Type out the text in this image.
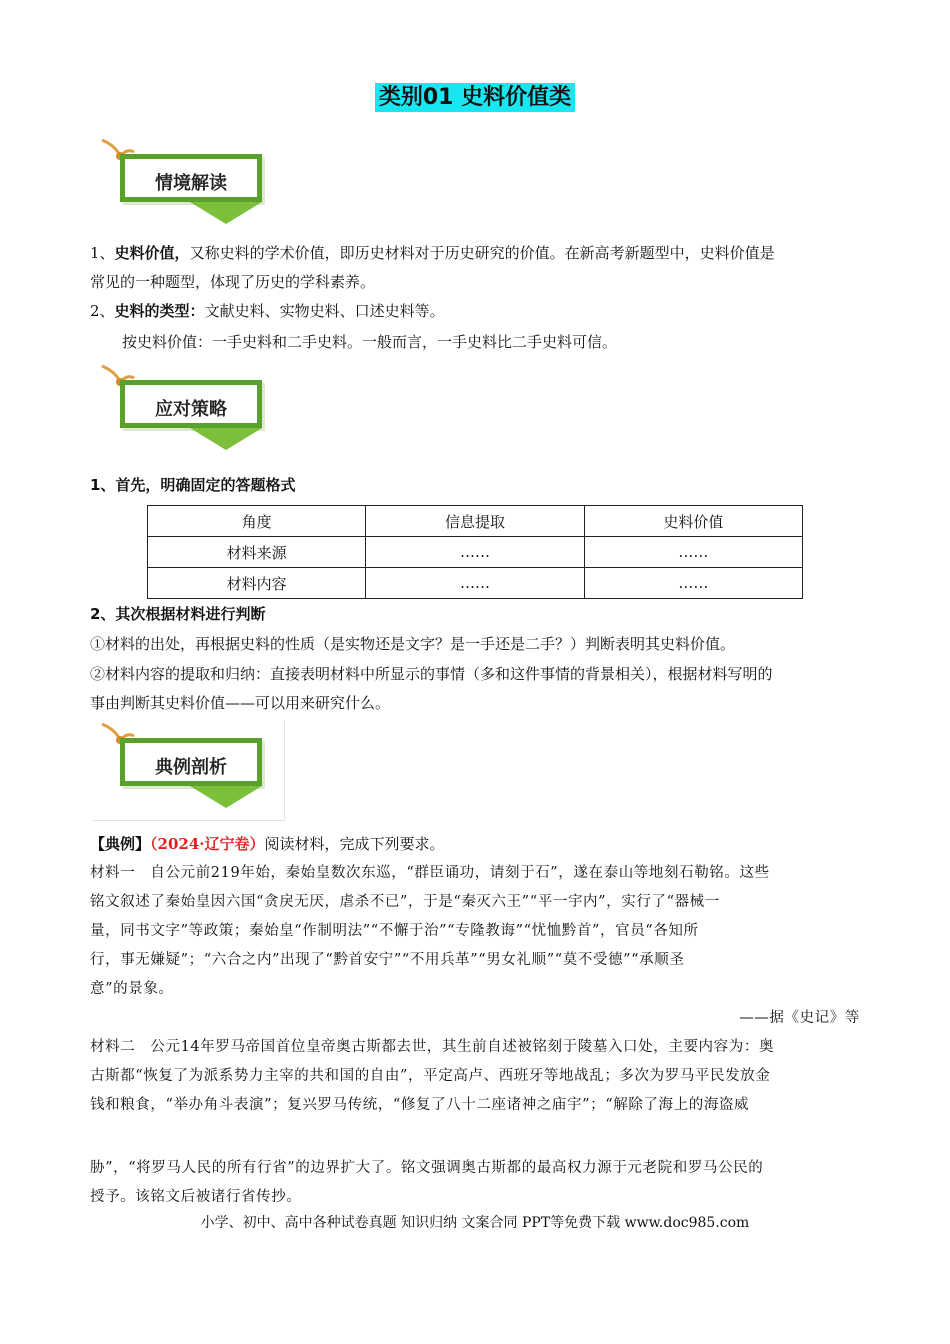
类别01 史料价值类
情境解读
1、史料价值，又称史料的学术价值，即历史材料对于历史研究的价值。在新高考新题型中，史料价值是
常见的一种题型，体现了历史的学科素养。
2、史料的类型：文献史料、实物史料、口述史料等。
按史料价值：一手史料和二手史料。一般而言，一手史料比二手史料可信。
应对策略
1、首先，明确固定的答题格式
角度	信息提取	史料价值
材料来源	……	……
材料内容	……	……
2、其次根据材料进行判断
①材料的出处，再根据史料的性质（是实物还是文字？是一手还是二手？）判断表明其史料价值。
②材料内容的提取和归纳：直接表明材料中所显示的事情（多和这件事情的背景相关），根据材料写明的
事由判断其史料价值——可以用来研究什么。
典例剖析
【典例】（2024·辽宁卷）阅读材料，完成下列要求。
材料一　自公元前219年始，秦始皇数次东巡，“群臣诵功，请刻于石”，遂在泰山等地刻石勒铭。这些
铭文叙述了秦始皇因六国“贪戾无厌，虐杀不已”，于是“秦灭六王”“平一宇内”，实行了“器械一
量，同书文字”等政策；秦始皇“作制明法”“不懈于治”“专隆教诲”“忧恤黔首”，官员“各知所
行，事无嫌疑”；“六合之内”出现了“黔首安宁”“不用兵革”“男女礼顺”“莫不受德”“承顺圣
意”的景象。
——据《史记》等
材料二　公元14年罗马帝国首位皇帝奥古斯都去世，其生前自述被铭刻于陵墓入口处，主要内容为：奥
古斯都“恢复了为派系势力主宰的共和国的自由”，平定高卢、西班牙等地战乱；多次为罗马平民发放金
钱和粮食，“举办角斗表演”；复兴罗马传统，“修复了八十二座诸神之庙宇”；“解除了海上的海盗威
胁”，“将罗马人民的所有行省”的边界扩大了。铭文强调奥古斯都的最高权力源于元老院和罗马公民的
授予。该铭文后被诸行省传抄。
小学、初中、高中各种试卷真题 知识归纳 文案合同 PPT等免费下载 www.doc985.com
